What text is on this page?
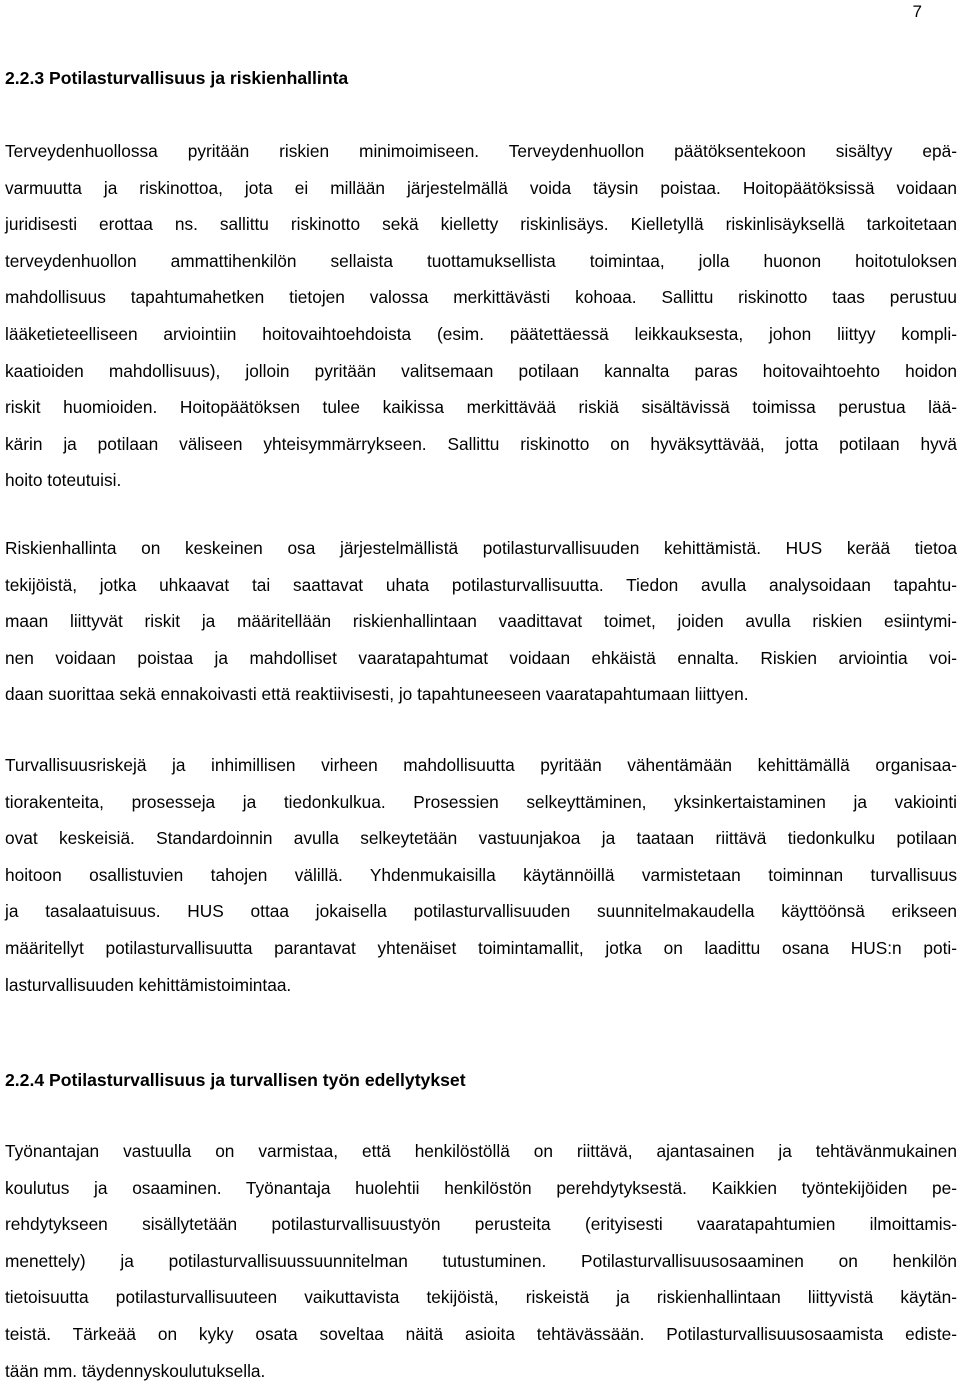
7
2.2.3 Potilasturvallisuus ja riskienhallinta
Terveydenhuollossa pyritään riskien minimoimiseen. Terveydenhuollon päätöksentekoon sisältyy epä-
varmuutta ja riskinottoa, jota ei millään järjestelmällä voida täysin poistaa. Hoitopäätöksissä voidaan
juridisesti erottaa ns. sallittu riskinotto sekä kielletty riskinlisäys. Kielletyllä riskinlisäyksellä tarkoitetaan
terveydenhuollon ammattihenkilön sellaista tuottamuksellista toimintaa, jolla huonon hoitotuloksen
mahdollisuus tapahtumahetken tietojen valossa merkittävästi kohoaa. Sallittu riskinotto taas perustuu
lääketieteelliseen arviointiin hoitovaihtoehdoista (esim. päätettäessä leikkauksesta, johon liittyy kompli-
kaatioiden mahdollisuus), jolloin pyritään valitsemaan potilaan kannalta paras hoitovaihtoehto hoidon
riskit huomioiden. Hoitopäätöksen tulee kaikissa merkittävää riskiä sisältävissä toimissa perustua lää-
kärin ja potilaan väliseen yhteisymmärrykseen. Sallittu riskinotto on hyväksyttävää, jotta potilaan hyvä
hoito toteutuisi.
Riskienhallinta on keskeinen osa järjestelmällistä potilasturvallisuuden kehittämistä. HUS kerää tietoa
tekijöistä, jotka uhkaavat tai saattavat uhata potilasturvallisuutta. Tiedon avulla analysoidaan tapahtu-
maan liittyvät riskit ja määritellään riskienhallintaan vaadittavat toimet, joiden avulla riskien esiintymi-
nen voidaan poistaa ja mahdolliset vaaratapahtumat voidaan ehkäistä ennalta. Riskien arviointia voi-
daan suorittaa sekä ennakoivasti että reaktiivisesti, jo tapahtuneeseen vaaratapahtumaan liittyen.
Turvallisuusriskejä ja inhimillisen virheen mahdollisuutta pyritään vähentämään kehittämällä organisaa-
tiorakenteita, prosesseja ja tiedonkulkua. Prosessien selkeyttäminen, yksinkertaistaminen ja vakiointi
ovat keskeisiä. Standardoinnin avulla selkeytetään vastuunjakoa ja taataan riittävä tiedonkulku potilaan
hoitoon osallistuvien tahojen välillä. Yhdenmukaisilla käytännöillä varmistetaan toiminnan turvallisuus
ja tasalaatuisuus. HUS ottaa jokaisella potilasturvallisuuden suunnitelmakaudella käyttöönsä erikseen
määritellyt potilasturvallisuutta parantavat yhtenäiset toimintamallit, jotka on laadittu osana HUS:n poti-
lasturvallisuuden kehittämistoimintaa.
2.2.4 Potilasturvallisuus ja turvallisen työn edellytykset
Työnantajan vastuulla on varmistaa, että henkilöstöllä on riittävä, ajantasainen ja tehtävänmukainen
koulutus ja osaaminen. Työnantaja huolehtii henkilöstön perehdytyksestä. Kaikkien työntekijöiden pe-
rehdytykseen sisällytetään potilasturvallisuustyön perusteita (erityisesti vaaratapahtumien ilmoittamis-
menettely) ja potilasturvallisuussuunnitelman tutustuminen. Potilasturvallisuusosaaminen on henkilön
tietoisuutta potilasturvallisuuteen vaikuttavista tekijöistä, riskeistä ja riskienhallintaan liittyvistä käytän-
teistä. Tärkeää on kyky osata soveltaa näitä asioita tehtävässään. Potilasturvallisuusosaamista ediste-
tään mm. täydennyskoulutuksella.
